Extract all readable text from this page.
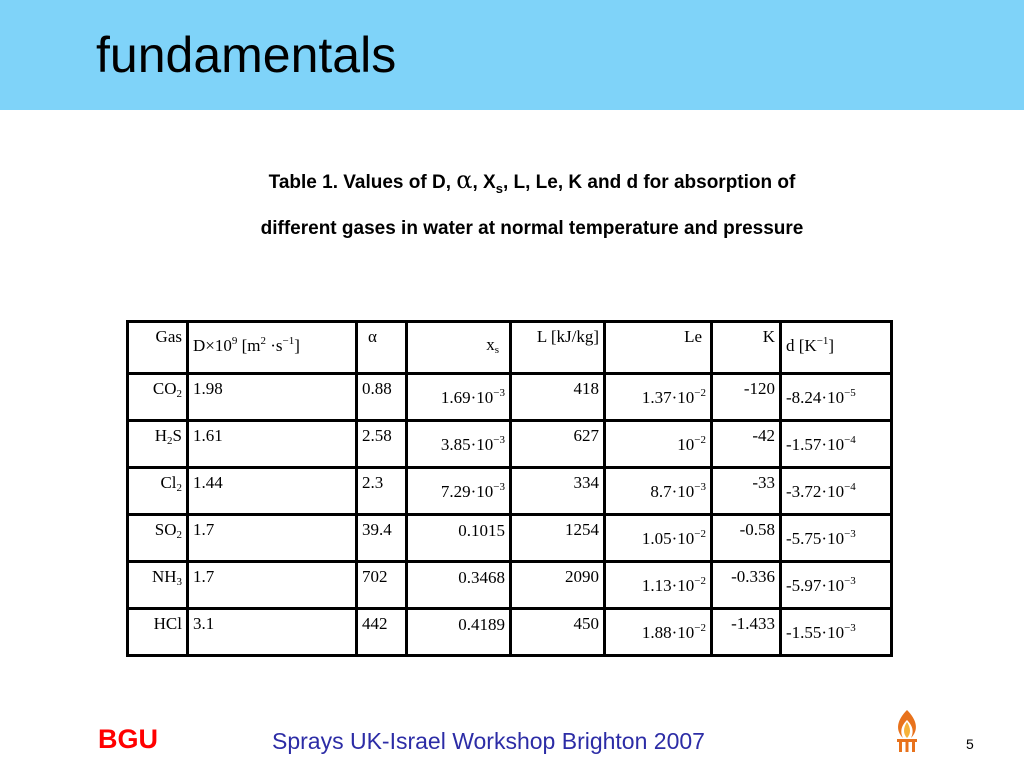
fundamentals
Table 1. Values of D, α, $X_s$, L, Le, K and d for absorption of
different gases in water at normal temperature and pressure
Gas	$D\times 10^9$ $[m^2 \cdot s^{-1}]$	α	$x_s$	L [kJ/kg]	Le	K	d $[K^{-1}]$

$CO_2$	1.98	0.88	$1.69\cdot 10^{-3}$	418	$1.37\cdot 10^{-2}$	-120	$-8.24\cdot 10^{-5}$

$H_2S$	1.61	2.58	$3.85\cdot 10^{-3}$	627	$10^{-2}$	-42	$-1.57\cdot 10^{-4}$

$Cl_2$	1.44	2.3	$7.29\cdot 10^{-3}$	334	$8.7\cdot 10^{-3}$	-33	$-3.72\cdot 10^{-4}$

$SO_2$	1.7	39.4	0.1015	1254	$1.05\cdot 10^{-2}$	-0.58	$-5.75\cdot 10^{-3}$

$NH_3$	1.7	702	0.3468	2090	$1.13\cdot 10^{-2}$	-0.336	$-5.97\cdot 10^{-3}$

HCl	3.1	442	0.4189	450	$1.88\cdot 10^{-2}$	-1.433	$-1.55\cdot 10^{-3}$
BGU	Sprays UK-Israel Workshop Brighton 2007	5
